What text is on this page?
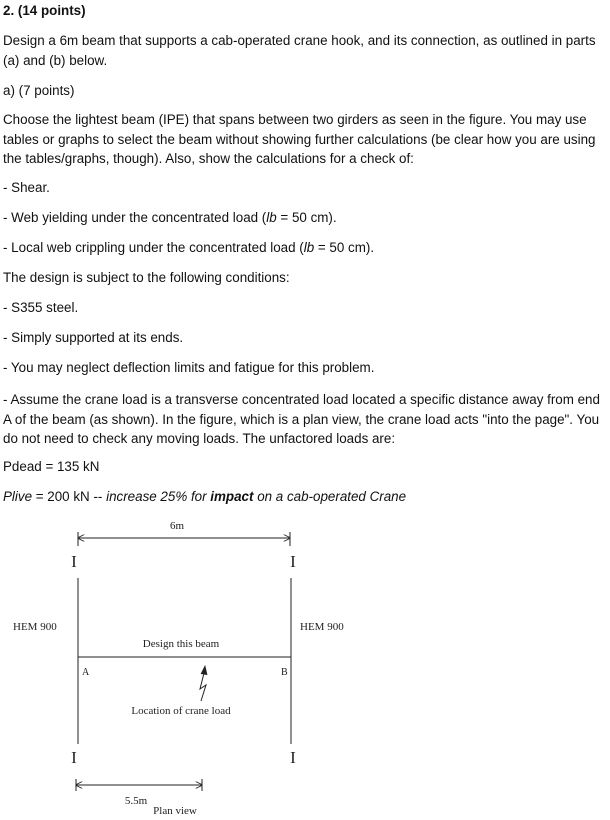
2. (14 points)
Design a 6m beam that supports a cab-operated crane hook, and its connection, as outlined in parts (a) and (b) below.
a) (7 points)
Choose the lightest beam (IPE) that spans between two girders as seen in the figure. You may use tables or graphs to select the beam without showing further calculations (be clear how you are using the tables/graphs, though). Also, show the calculations for a check of:
- Shear.
- Web yielding under the concentrated load (lb = 50 cm).
- Local web crippling under the concentrated load (lb = 50 cm).
The design is subject to the following conditions:
- S355 steel.
- Simply supported at its ends.
- You may neglect deflection limits and fatigue for this problem.
- Assume the crane load is a transverse concentrated load located a specific distance away from end A of the beam (as shown). In the figure, which is a plan view, the crane load acts "into the page". You do not need to check any moving loads. The unfactored loads are:
Pdead = 135 kN
Plive = 200 kN -- increase 25% for impact on a cab-operated Crane
6m
I	I
HEM 900	HEM 900
Design this beam
A	B
Location of crane load
I	I
5.5m
Plan view
